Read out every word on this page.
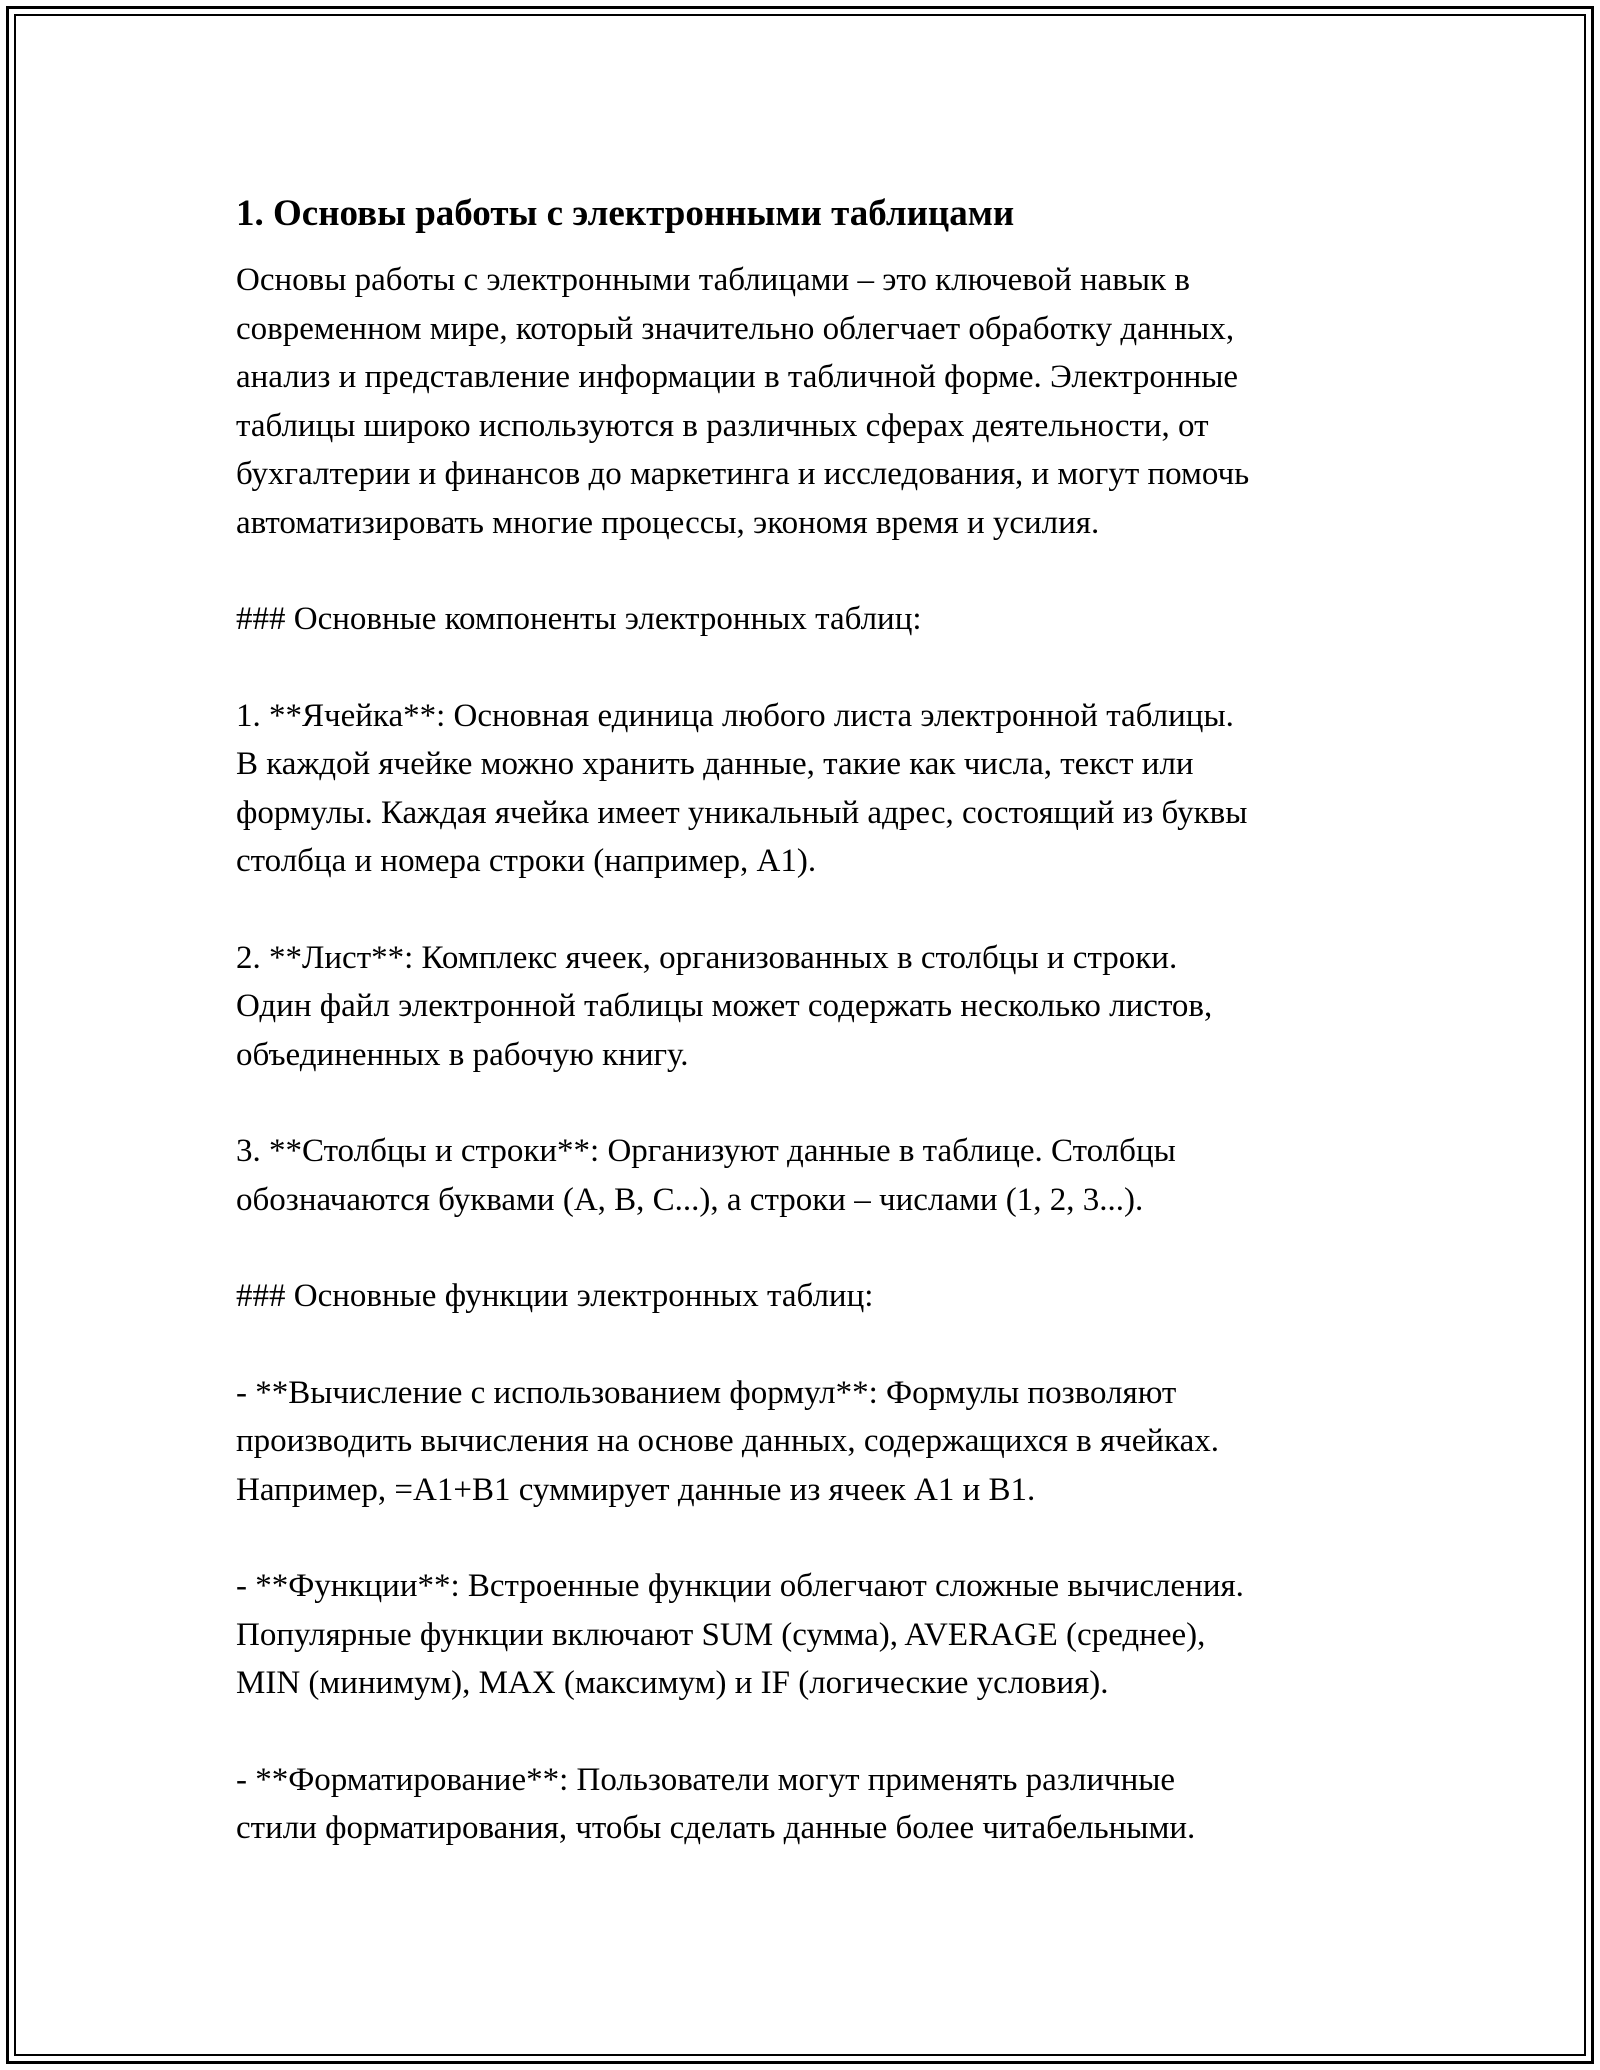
1. Основы работы с электронными таблицами

Основы работы с электронными таблицами – это ключевой навык в
современном мире, который значительно облегчает обработку данных,
анализ и представление информации в табличной форме. Электронные
таблицы широко используются в различных сферах деятельности, от
бухгалтерии и финансов до маркетинга и исследования, и могут помочь
автоматизировать многие процессы, экономя время и усилия.

### Основные компоненты электронных таблиц:

1. **Ячейка**: Основная единица любого листа электронной таблицы.
В каждой ячейке можно хранить данные, такие как числа, текст или
формулы. Каждая ячейка имеет уникальный адрес, состоящий из буквы
столбца и номера строки (например, A1).

2. **Лист**: Комплекс ячеек, организованных в столбцы и строки.
Один файл электронной таблицы может содержать несколько листов,
объединенных в рабочую книгу.

3. **Столбцы и строки**: Организуют данные в таблице. Столбцы
обозначаются буквами (A, B, C...), а строки – числами (1, 2, 3...).

### Основные функции электронных таблиц:

- **Вычисление с использованием формул**: Формулы позволяют
производить вычисления на основе данных, содержащихся в ячейках.
Например, =A1+B1 суммирует данные из ячеек A1 и B1.

- **Функции**: Встроенные функции облегчают сложные вычисления.
Популярные функции включают SUM (сумма), AVERAGE (среднее),
MIN (минимум), MAX (максимум) и IF (логические условия).

- **Форматирование**: Пользователи могут применять различные
стили форматирования, чтобы сделать данные более читабельными.
